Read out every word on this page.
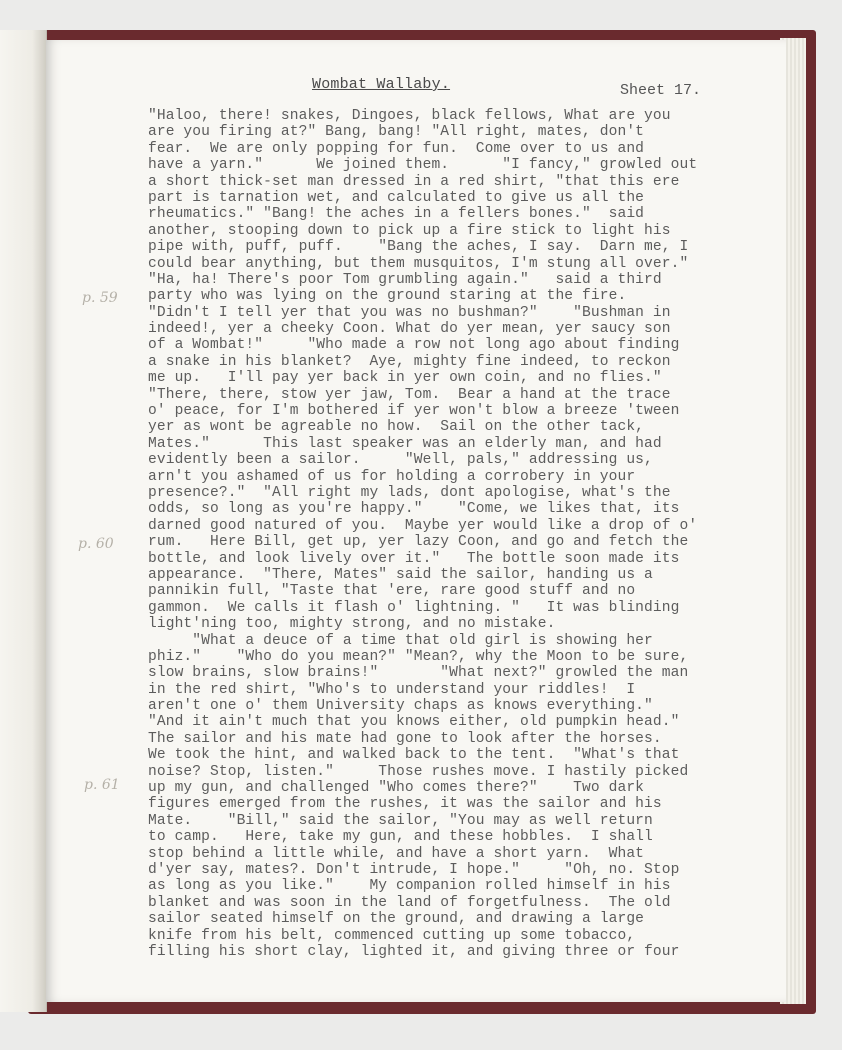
Wombat Wallaby.	Sheet 17.
p. 59
p. 60
p. 61
"Haloo, there! snakes, Dingoes, black fellows, What are you
are you firing at?" Bang, bang! "All right, mates, don't
fear.  We are only popping for fun.  Come over to us and
have a yarn."      We joined them.      "I fancy," growled out
a short thick-set man dressed in a red shirt, "that this ere
part is tarnation wet, and calculated to give us all the
rheumatics." "Bang! the aches in a fellers bones."  said
another, stooping down to pick up a fire stick to light his
pipe with, puff, puff.    "Bang the aches, I say.  Darn me, I
could bear anything, but them musquitos, I'm stung all over."
"Ha, ha! There's poor Tom grumbling again."   said a third
party who was lying on the ground staring at the fire.
"Didn't I tell yer that you was no bushman?"    "Bushman in
indeed!, yer a cheeky Coon. What do yer mean, yer saucy son
of a Wombat!"     "Who made a row not long ago about finding
a snake in his blanket?  Aye, mighty fine indeed, to reckon
me up.   I'll pay yer back in yer own coin, and no flies."
"There, there, stow yer jaw, Tom.  Bear a hand at the trace
o' peace, for I'm bothered if yer won't blow a breeze 'tween
yer as wont be agreable no how.  Sail on the other tack,
Mates."      This last speaker was an elderly man, and had
evidently been a sailor.     "Well, pals," addressing us,
arn't you ashamed of us for holding a corrobery in your
presence?."  "All right my lads, dont apologise, what's the
odds, so long as you're happy."    "Come, we likes that, its
darned good natured of you.  Maybe yer would like a drop of o'
rum.   Here Bill, get up, yer lazy Coon, and go and fetch the
bottle, and look lively over it."   The bottle soon made its
appearance.  "There, Mates" said the sailor, handing us a
pannikin full, "Taste that 'ere, rare good stuff and no
gammon.  We calls it flash o' lightning. "   It was blinding
light'ning too, mighty strong, and no mistake.
"What a deuce of a time that old girl is showing her
phiz."    "Who do you mean?" "Mean?, why the Moon to be sure,
slow brains, slow brains!"       "What next?" growled the man
in the red shirt, "Who's to understand your riddles!  I
aren't one o' them University chaps as knows everything."
"And it ain't much that you knows either, old pumpkin head."
The sailor and his mate had gone to look after the horses.
We took the hint, and walked back to the tent.  "What's that
noise? Stop, listen."     Those rushes move. I hastily picked
up my gun, and challenged "Who comes there?"    Two dark
figures emerged from the rushes, it was the sailor and his
Mate.    "Bill," said the sailor, "You may as well return
to camp.   Here, take my gun, and these hobbles.  I shall
stop behind a little while, and have a short yarn.  What
d'yer say, mates?. Don't intrude, I hope."     "Oh, no. Stop
as long as you like."    My companion rolled himself in his
blanket and was soon in the land of forgetfulness.  The old
sailor seated himself on the ground, and drawing a large
knife from his belt, commenced cutting up some tobacco,
filling his short clay, lighted it, and giving three or four
